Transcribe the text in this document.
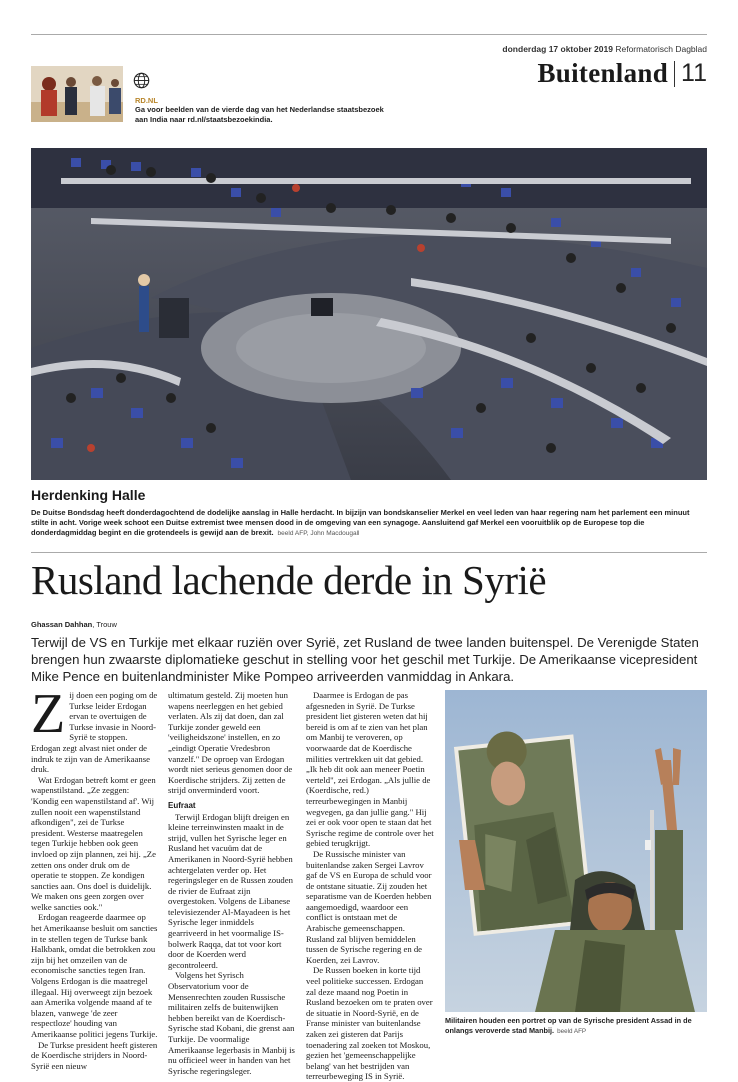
donderdag 17 oktober 2019 Reformatorisch Dagblad
Buitenland 11
RD.NL
Ga voor beelden van de vierde dag van het Nederlandse staatsbezoek aan India naar rd.nl/staatsbezoekindia.
Herdenking Halle
De Duitse Bondsdag heeft donderdagochtend de dodelijke aanslag in Halle herdacht. In bijzijn van bondskanselier Merkel en veel leden van haar regering nam het parlement een minuut stilte in acht. Vorige week schoot een Duitse extremist twee mensen dood in de omgeving van een synagoge. Aansluitend gaf Merkel een vooruitblik op de Europese top die donderdagmiddag begint en die grotendeels is gewijd aan de brexit. beeld AFP, John Macdougall
Rusland lachende derde in Syrië
Ghassan Dahhan, Trouw

Terwijl de VS en Turkije met elkaar ruziën over Syrië, zet Rusland de twee landen buitenspel. De Verenigde Staten brengen hun zwaarste diplomatieke geschut in stelling voor het geschil met Turkije. De Amerikaanse vicepresident Mike Pence en buitenlandminister Mike Pompeo arriveerden vanmiddag in Ankara.

Z ij doen een poging om de Turkse leider Erdogan ervan te overtuigen de Turkse invasie in Noord-Syrië te stoppen. Erdogan zegt alvast niet onder de indruk te zijn van de Amerikaanse druk.

Wat Erdogan betreft komt er geen wapenstilstand. „Ze zeggen: 'Kondig een wapenstilstand af'. Wij zullen nooit een wapenstilstand afkondigen", zei de Turkse president. Westerse maatregelen tegen Turkije hebben ook geen invloed op zijn plannen, zei hij. „Ze zetten ons onder druk om de operatie te stoppen. Ze kondigen sancties aan. Ons doel is duidelijk. We maken ons geen zorgen over welke sancties ook."

Erdogan reageerde daarmee op het Amerikaanse besluit om sancties in te stellen tegen de Turkse bank Halkbank, omdat die betrokken zou zijn bij het omzeilen van de economische sancties tegen Iran. Volgens Erdogan is die maatregel illegaal. Hij overweegt zijn bezoek aan Amerika volgende maand af te blazen, vanwege 'de zeer respectloze' houding van Amerikaanse politici jegens Turkije.

De Turkse president heeft gisteren de Koerdische strijders in Noord-Syrië een nieuw

ultimatum gesteld. Zij moeten hun wapens neerleggen en het gebied verlaten. Als zij dat doen, dan zal Turkije zonder geweld een 'veiligheidszone' instellen, en zo „eindigt Operatie Vredesbron vanzelf." De oproep van Erdogan wordt niet serieus genomen door de Koerdische strijders. Zij zetten de strijd onverminderd voort.

Eufraat

Terwijl Erdogan blijft dreigen en kleine terreinwinsten maakt in de strijd, vullen het Syrische leger en Rusland het vacuüm dat de Amerikanen in Noord-Syrië hebben achtergelaten verder op. Het regeringsleger en de Russen zouden de rivier de Eufraat zijn overgestoken. Volgens de Libanese televisiezender Al-Mayadeen is het Syrische leger inmiddels gearriveerd in het voormalige IS-bolwerk Raqqa, dat tot voor kort door de Koerden werd gecontroleerd.

Volgens het Syrisch Observatorium voor de Mensenrechten zouden Russische militairen zelfs de buitenwijken hebben bereikt van de Koerdisch-Syrische stad Kobani, die grenst aan Turkije. De voormalige Amerikaanse legerbasis in Manbij is nu officieel weer in handen van het Syrische regeringsleger.

Daarmee is Erdogan de pas afgesneden in Syrië. De Turkse president liet gisteren weten dat hij bereid is om af te zien van het plan om Manbij te veroveren, op voorwaarde dat de Koerdische milities vertrekken uit dat gebied. „Ik heb dit ook aan meneer Poetin verteld", zei Erdogan. „Als jullie de (Koerdische, red.) terreurbewegingen in Manbij wegvegen, ga dan jullie gang." Hij zei er ook voor open te staan dat het Syrische regime de controle over het gebied terugkrijgt.

De Russische minister van buitenlandse zaken Sergei Lavrov gaf de VS en Europa de schuld voor de ontstane situatie. Zij zouden het separatisme van de Koerden hebben aangemoedigd, waardoor een conflict is ontstaan met de Arabische gemeenschappen. Rusland zal blijven bemiddelen tussen de Syrische regering en de Koerden, zei Lavrov.

De Russen boeken in korte tijd veel politieke successen. Erdogan zal deze maand nog Poetin in Rusland bezoeken om te praten over de situatie in Noord-Syrië, en de Franse minister van buitenlandse zaken zei gisteren dat Parijs toenadering zal zoeken tot Moskou, gezien het 'gemeenschappelijke belang' van het bestrijden van terreurbeweging IS in Syrië.

Militairen houden een portret op van de Syrische president Assad in de onlangs veroverde stad Manbij. beeld AFP
